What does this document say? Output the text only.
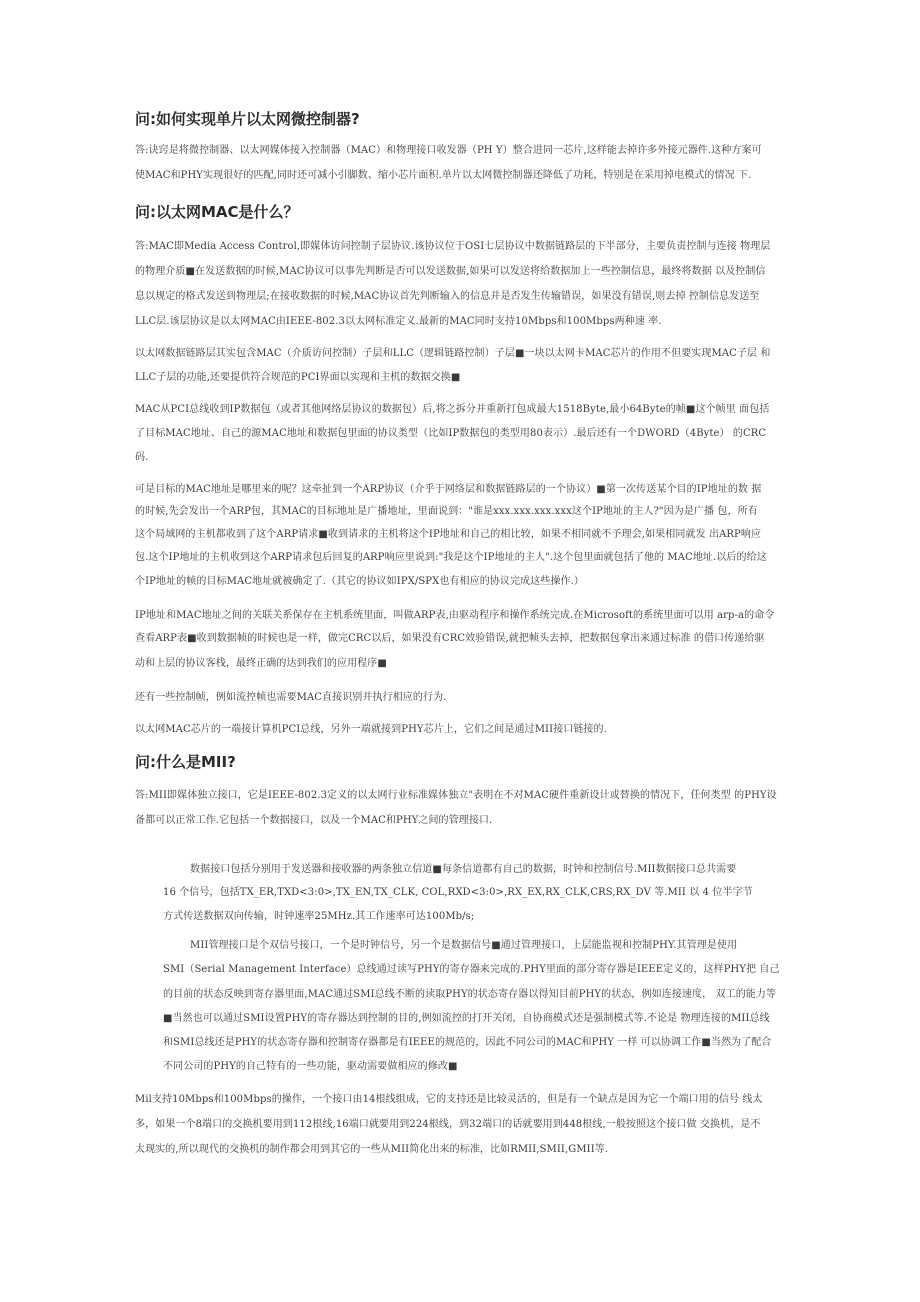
问:如何实现单片以太网微控制器?
答:诀窍是将微控制器、以太网媒体接入控制器（MAC）和物理接口收发器（PH Y）整合进同一芯片,这样能去掉许多外接元器件.这种方案可
使MAC和PHY实现很好的匹配,同时还可减小引脚数、缩小芯片面积.单片以太网微控制器还降低了功耗，特别是在采用掉电模式的情况 下.
问:以太网MAC是什么？
答:MAC即Media Access Control,即媒体访问控制子层协议.该协议位于OSI七层协议中数据链路层的下半部分，主要负责控制与连接 物理层
的物理介质■在发送数据的时候,MAC协议可以事先判断是否可以发送数据,如果可以发送将给数据加上一些控制信息，最终将数据 以及控制信
息以规定的格式发送到物理层;在接收数据的时候,MAC协议首先判断输入的信息并是否发生传输错误，如果没有错误,则去掉 控制信息发送至
LLC层.该层协议是以太网MAC由IEEE-802.3以太网标准定义.最新的MAC同时支持10Mbps和100Mbps两种速 率.
以太网数据链路层其实包含MAC（介质访问控制）子层和LLC（逻辑链路控制）子层■一块以太网卡MAC芯片的作用不但要实现MAC子层 和
LLC子层的功能,还要提供符合规范的PCI界面以实现和主机的数据交换■
MAC从PCI总线收到IP数据包（或者其他网络层协议的数据包）后,将之拆分并重新打包成最大1518Byte,最小64Byte的帧■这个帧里 面包括
了目标MAC地址、自己的源MAC地址和数据包里面的协议类型（比如IP数据包的类型用80表示）.最后还有一个DWORD（4Byte） 的CRC
码.
可是目标的MAC地址是哪里来的呢？这牵扯到一个ARP协议（介乎于网络层和数据链路层的一个协议）■第一次传送某个目的IP地址的数 据
的时候,先会发出一个ARP包，其MAC的目标地址是广播地址，里面说到："谁是xxx.xxx.xxx.xxx这个IP地址的主人?"因为是广播 包，所有
这个局域网的主机都收到了这个ARP请求■收到请求的主机将这个IP地址和自己的相比较，如果不相同就不予理会,如果相同就发 出ARP响应
包.这个IP地址的主机收到这个ARP请求包后回复的ARP响应里说到:"我是这个IP地址的主人".这个包里面就包括了他的 MAC地址.以后的给这
个IP地址的帧的目标MAC地址就被确定了.（其它的协议如IPX/SPX也有相应的协议完成这些操作.）
IP地址和MAC地址之间的关联关系保存在主机系统里面，叫做ARP表,由驱动程序和操作系统完成.在Microsoft的系统里面可以用 arp-a的命令
查看ARP表■收到数据帧的时候也是一样，做完CRC以后，如果没有CRC效验错误,就把帧头去掉，把数据包拿出来通过标准 的借口传递给驱
动和上层的协议客栈，最终正确的达到我们的应用程序■
还有一些控制帧，例如流控帧也需要MAC直接识别并执行相应的行为.
以太网MAC芯片的一端接计算机PCI总线，另外一端就接到PHY芯片上，它们之间是通过MII接口链接的.
问:什么是MII?
答:MII即媒体独立接口，它是IEEE-802.3定义的以太网行业标准媒体独立"表明在不对MAC硬件重新设计或替换的情况下，任何类型 的PHY设
备都可以正常工作.它包括一个数据接口，以及一个MAC和PHY之间的管理接口.
数据接口包括分别用于发送器和接收器的两条独立信道■每条信道都有自己的数据，时钟和控制信号.MII数据接口总共需要
16 个信号，包括TX_ER,TXD<3:0>,TX_EN,TX_CLK, COL,RXD<3:0>,RX_EX,RX_CLK,CRS,RX_DV 等.MII 以 4 位半字节
方式传送数据双向传输，时钟速率25MHz.其工作速率可达100Mb/s;
MII管理接口是个双信号接口，一个是时钟信号，另一个是数据信号■通过管理接口，上层能监视和控制PHY.其管理是使用
SMI（Serial Management Interface）总线通过读写PHY的寄存器来完成的.PHY里面的部分寄存器是IEEE定义的，这样PHY把 自己
的目前的状态反映到寄存器里面,MAC通过SMI总线不断的读取PHY的状态寄存器以得知目前PHY的状态，例如连接速度， 双工的能力等
■当然也可以通过SMI设置PHY的寄存器达到控制的目的,例如流控的打开关闭，自协商模式还是强制模式等.不论是 物理连接的MII总线
和SMI总线还是PHY的状态寄存器和控制寄存器都是有IEEE的规范的，因此不同公司的MAC和PHY 一样 可以协调工作■当然为了配合
不同公司的PHY的自己特有的一些功能，驱动需要做相应的修改■
Mil支持10Mbps和100Mbps的操作，一个接口由14根线组成，它的支持还是比较灵活的，但是有一个缺点是因为它一个端口用的信号 线太
多，如果一个8端口的交换机要用到112根线,16端口就要用到224根线，到32端口的话就要用到448根线,一般按照这个接口做 交换机，是不
太现实的,所以现代的交换机的制作都会用到其它的一些从MII简化出来的标准，比如RMII,SMII,GMII等.
